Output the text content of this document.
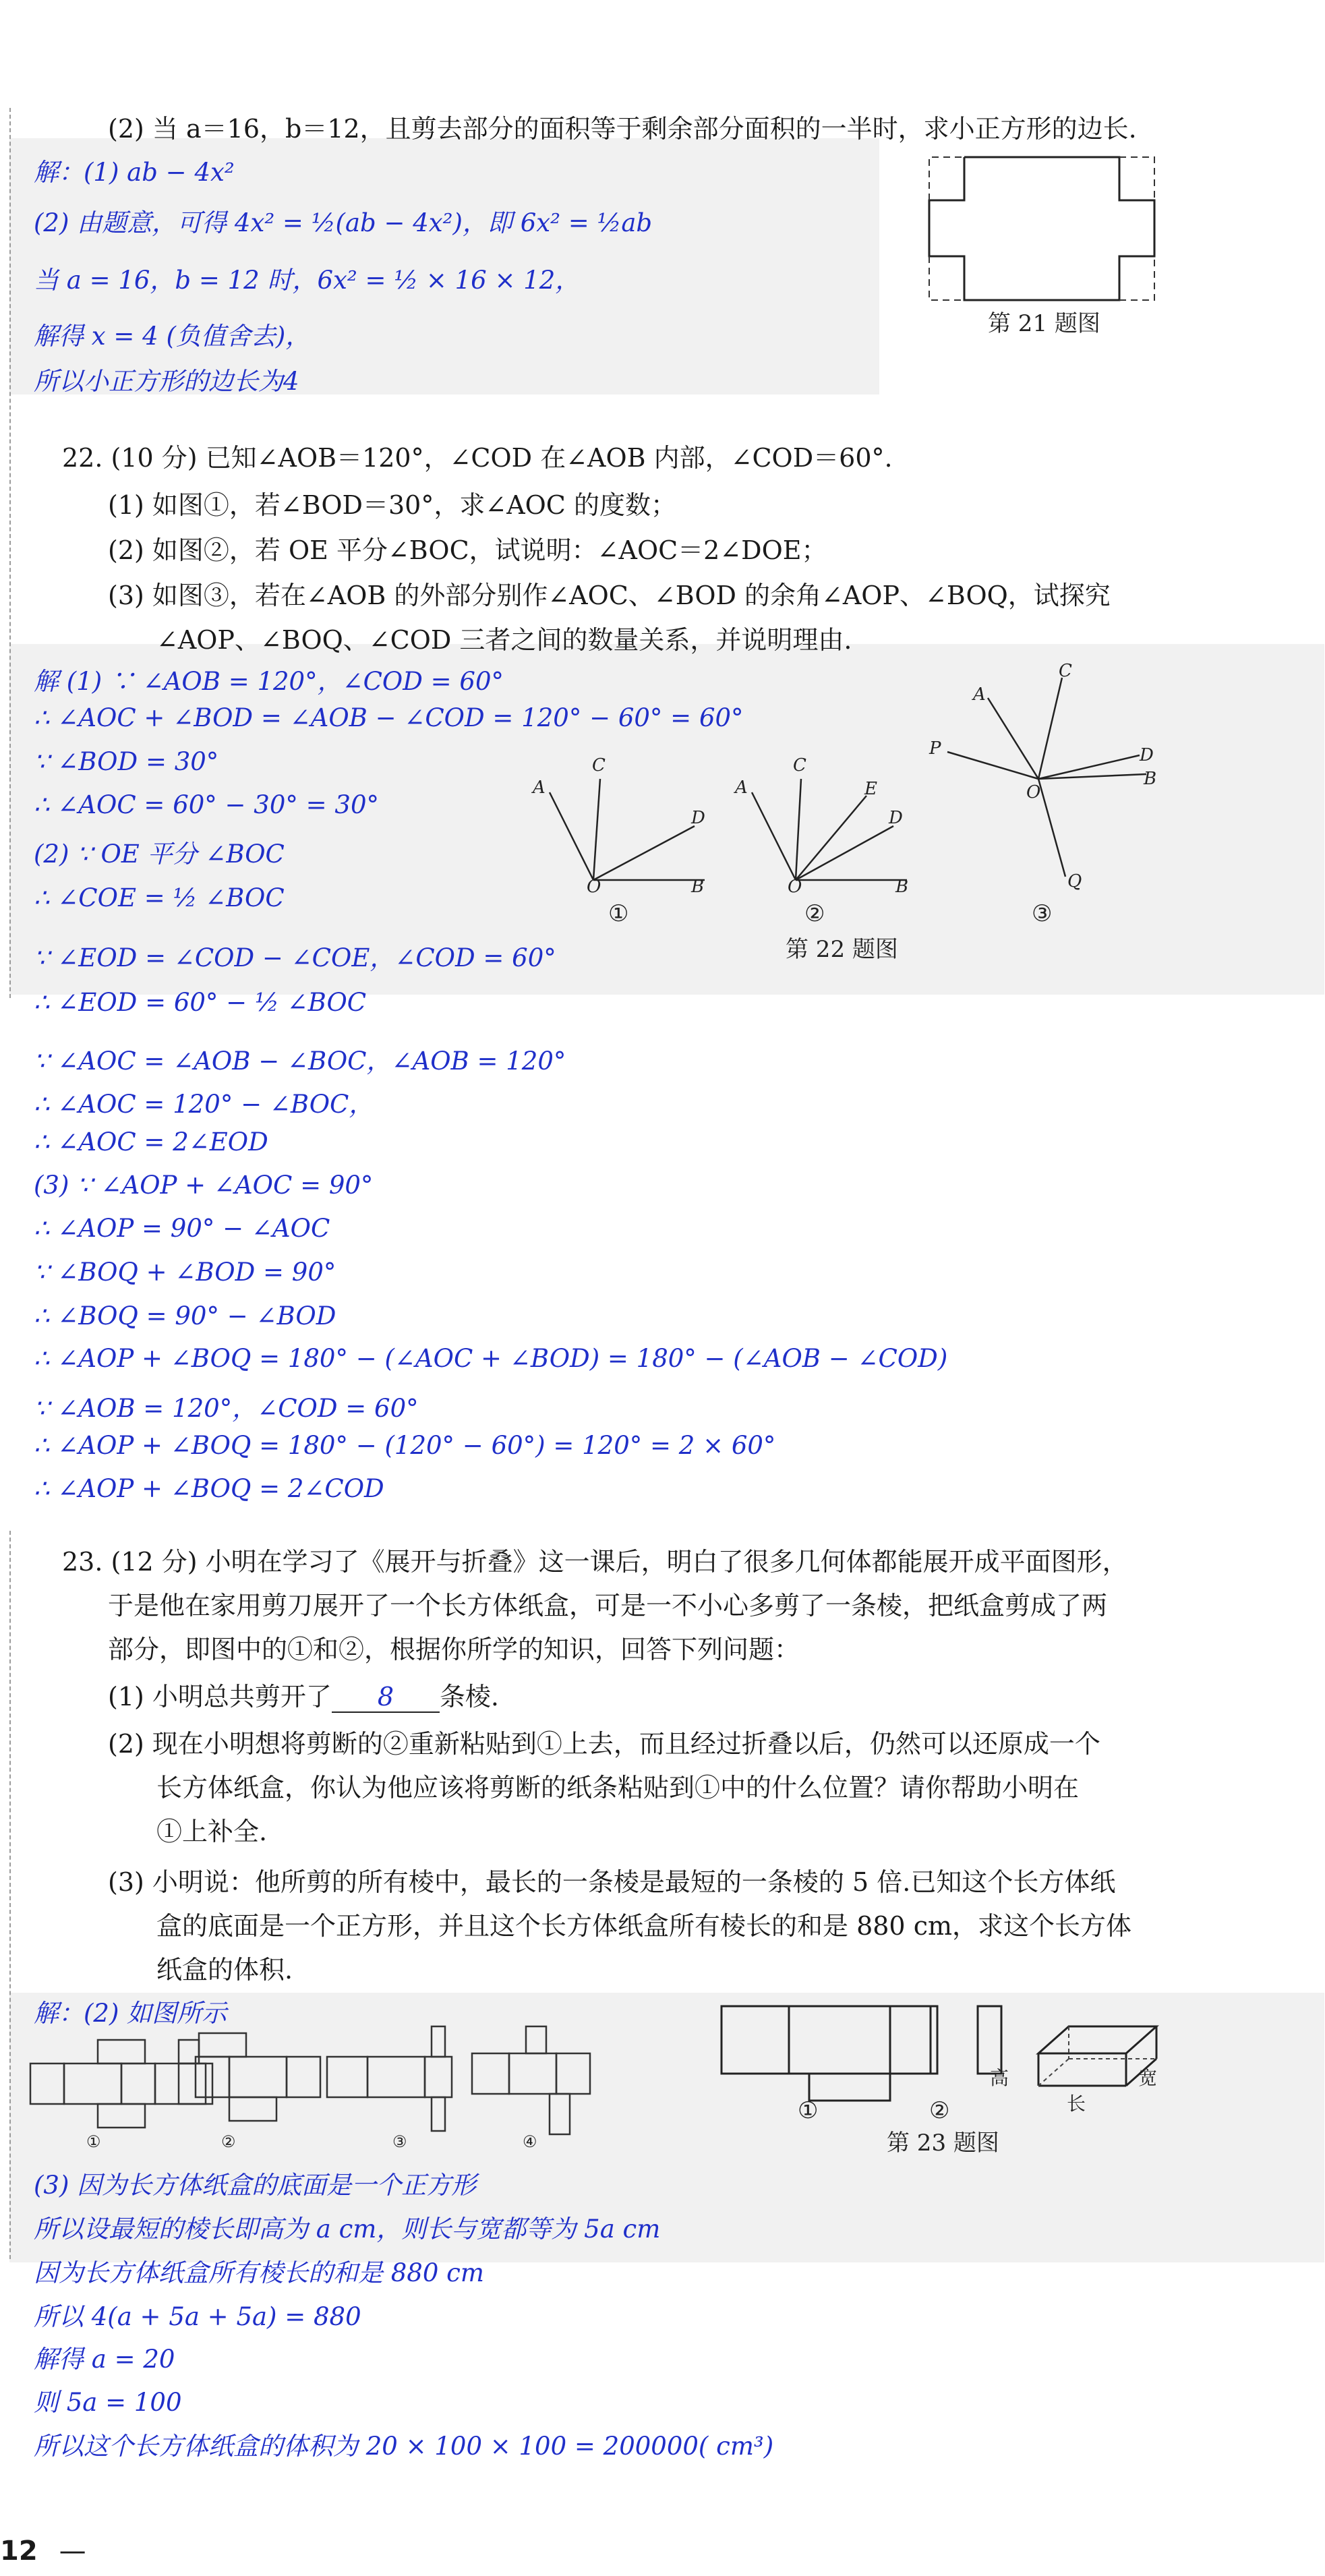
(2) 当 a＝16，b＝12，且剪去部分的面积等于剩余部分面积的一半时，求小正方形的边长.
解：(1) ab − 4x²
(2) 由题意，可得 4x² = ½(ab − 4x²)，即 6x² = ½ab
当 a = 16，b = 12 时，6x² = ½ × 16 × 12，
解得 x = 4 (负值舍去)，
所以小正方形的边长为4
第 21 题图
22. (10 分) 已知∠AOB＝120°，∠COD 在∠AOB 内部，∠COD＝60°.
(1) 如图①，若∠BOD＝30°，求∠AOC 的度数；
(2) 如图②，若 OE 平分∠BOC，试说明：∠AOC＝2∠DOE；
(3) 如图③，若在∠AOB 的外部分别作∠AOC、∠BOD 的余角∠AOP、∠BOQ，试探究
∠AOP、∠BOQ、∠COD 三者之间的数量关系，并说明理由.
解 (1) ∵ ∠AOB = 120°，∠COD = 60°
∴ ∠AOC + ∠BOD = ∠AOB − ∠COD = 120° − 60° = 60°
∵ ∠BOD = 30°
∴ ∠AOC = 60° − 30° = 30°
(2) ∵ OE 平分 ∠BOC
∴ ∠COE = ½ ∠BOC
∵ ∠EOD = ∠COD − ∠COE，∠COD = 60°
∴ ∠EOD = 60° − ½ ∠BOC
∵ ∠AOC = ∠AOB − ∠BOC，∠AOB = 120°
∴ ∠AOC = 120° − ∠BOC，
∴ ∠AOC = 2∠EOD
(3) ∵ ∠AOP + ∠AOC = 90°
∴ ∠AOP = 90° − ∠AOC
∵ ∠BOQ + ∠BOD = 90°
∴ ∠BOQ = 90° − ∠BOD
∴ ∠AOP + ∠BOQ = 180° − (∠AOC + ∠BOD) = 180° − (∠AOB − ∠COD)
∵ ∠AOB = 120°，∠COD = 60°
∴ ∠AOP + ∠BOQ = 180° − (120° − 60°) = 120° = 2 × 60°
∴ ∠AOP + ∠BOQ = 2∠COD
A
C
D
O	B
①
A
C
E
D
O	B
②
A
C
P	D
B
O
Q
③
第 22 题图
23. (12 分) 小明在学习了《展开与折叠》这一课后，明白了很多几何体都能展开成平面图形，
于是他在家用剪刀展开了一个长方体纸盒，可是一不小心多剪了一条棱，把纸盒剪成了两
部分，即图中的①和②，根据你所学的知识，回答下列问题：
(1) 小明总共剪开了 8 条棱.
(2) 现在小明想将剪断的②重新粘贴到①上去，而且经过折叠以后，仍然可以还原成一个
长方体纸盒，你认为他应该将剪断的纸条粘贴到①中的什么位置？请你帮助小明在
①上补全.
(3) 小明说：他所剪的所有棱中，最长的一条棱是最短的一条棱的 5 倍.已知这个长方体纸
盒的底面是一个正方形，并且这个长方体纸盒所有棱长的和是 880 cm，求这个长方体
纸盒的体积.
解：(2) 如图所示
①	②	③	④
高
长
宽
①	②
第 23 题图
(3) 因为长方体纸盒的底面是一个正方形
所以设最短的棱长即高为 a cm，则长与宽都等为 5a cm
因为长方体纸盒所有棱长的和是 880 cm
所以 4(a + 5a + 5a) = 880
解得 a = 20
则 5a = 100
所以这个长方体纸盒的体积为 20 × 100 × 100 = 200000( cm³)
12 —
